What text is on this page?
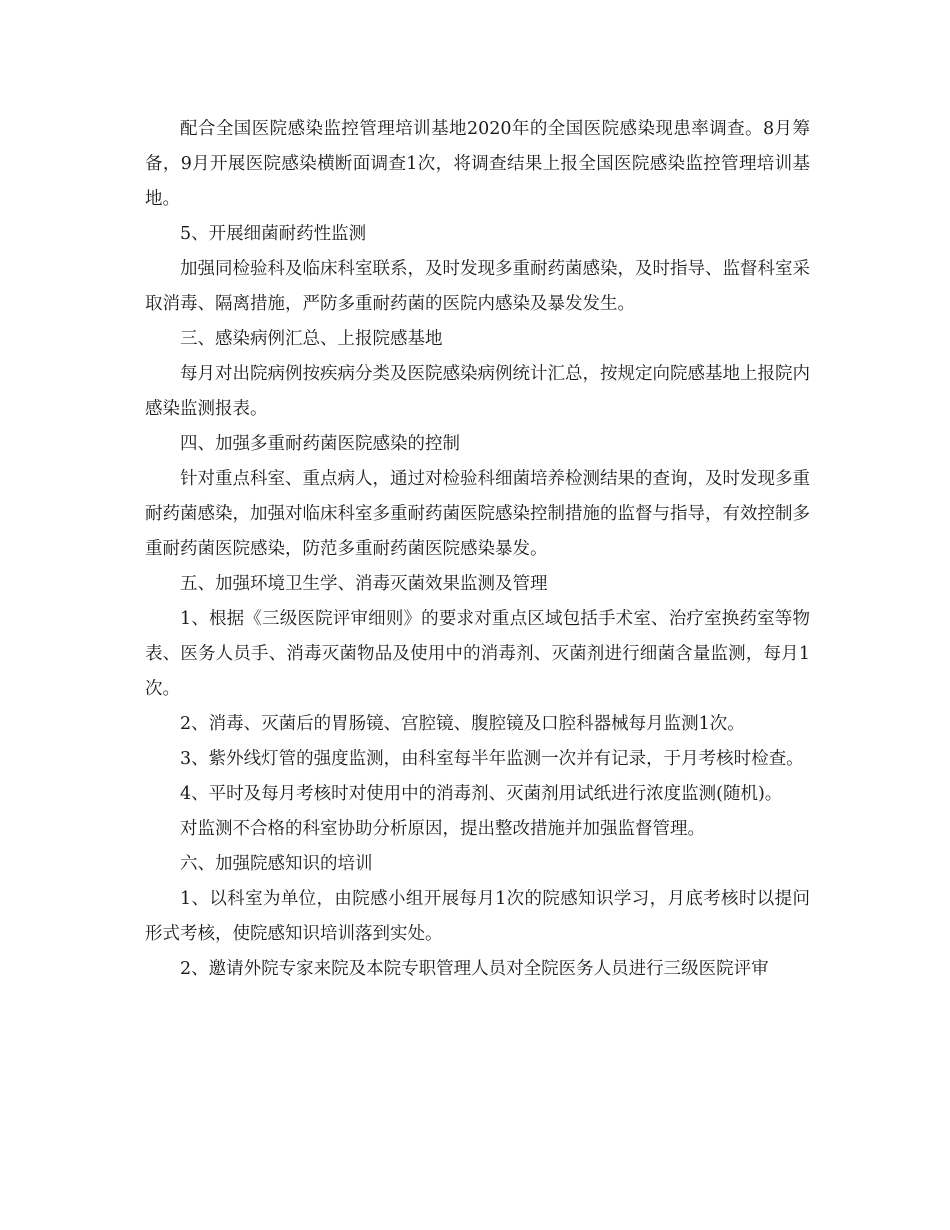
配合全国医院感染监控管理培训基地2020年的全国医院感染现患率调查。8月筹备，9月开展医院感染横断面调查1次，将调查结果上报全国医院感染监控管理培训基地。

5、开展细菌耐药性监测

加强同检验科及临床科室联系，及时发现多重耐药菌感染，及时指导、监督科室采取消毒、隔离措施，严防多重耐药菌的医院内感染及暴发发生。

三、感染病例汇总、上报院感基地

每月对出院病例按疾病分类及医院感染病例统计汇总，按规定向院感基地上报院内感染监测报表。

四、加强多重耐药菌医院感染的控制

针对重点科室、重点病人，通过对检验科细菌培养检测结果的查询，及时发现多重耐药菌感染，加强对临床科室多重耐药菌医院感染控制措施的监督与指导，有效控制多重耐药菌医院感染，防范多重耐药菌医院感染暴发。

五、加强环境卫生学、消毒灭菌效果监测及管理

1、根据《三级医院评审细则》的要求对重点区域包括手术室、治疗室换药室等物表、医务人员手、消毒灭菌物品及使用中的消毒剂、灭菌剂进行细菌含量监测，每月1次。

2、消毒、灭菌后的胃肠镜、宫腔镜、腹腔镜及口腔科器械每月监测1次。

3、紫外线灯管的强度监测，由科室每半年监测一次并有记录，于月考核时检查。

4、平时及每月考核时对使用中的消毒剂、灭菌剂用试纸进行浓度监测(随机)。

对监测不合格的科室协助分析原因，提出整改措施并加强监督管理。

六、加强院感知识的培训

1、以科室为单位，由院感小组开展每月1次的院感知识学习，月底考核时以提问形式考核，使院感知识培训落到实处。

2、邀请外院专家来院及本院专职管理人员对全院医务人员进行三级医院评审
